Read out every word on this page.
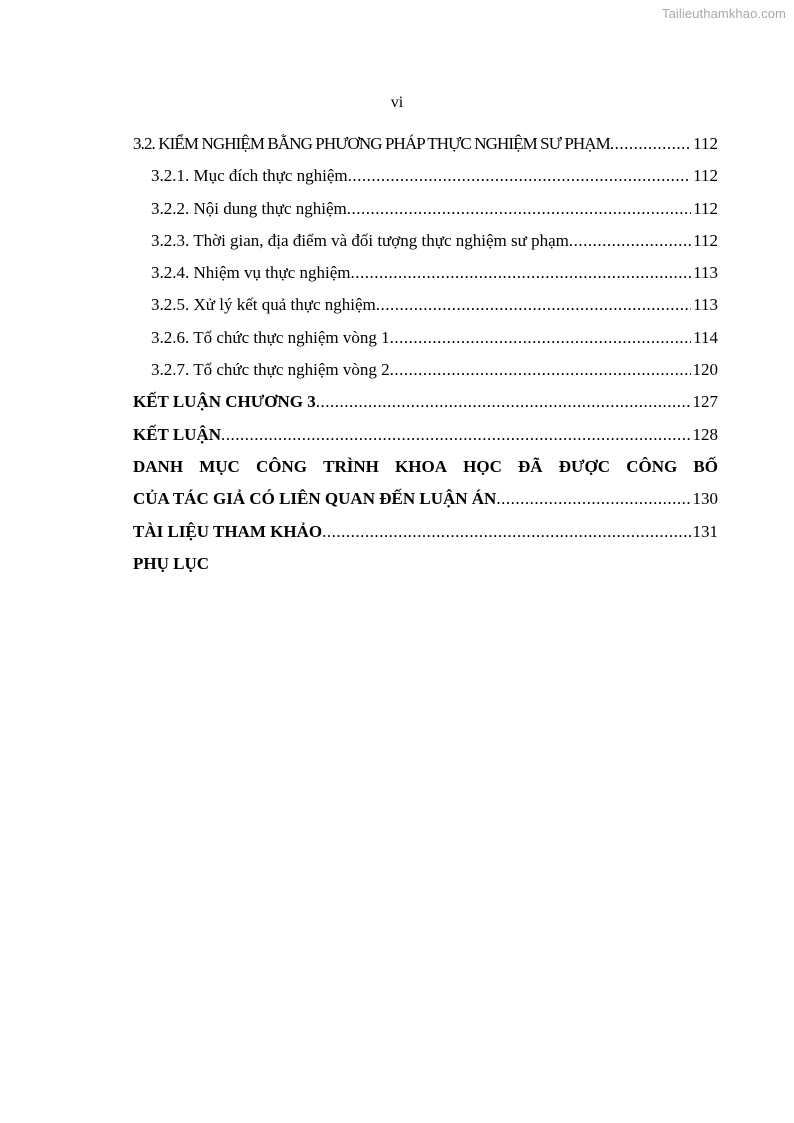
Tailieuthamkhao.com
vi
3.2. KIỂM NGHIỆM BẰNG PHƯƠNG PHÁP THỰC NGHIỆM SƯ PHẠM .....	112
3.2.1. Mục đích thực nghiệm .....	112
3.2.2. Nội dung thực nghiệm .....	112
3.2.3. Thời gian, địa điểm và đối tượng thực nghiệm sư phạm .....	112
3.2.4. Nhiệm vụ thực nghiệm .....	113
3.2.5. Xử lý kết quả thực nghiệm .....	113
3.2.6. Tổ chức thực nghiệm vòng 1 .....	114
3.2.7. Tổ chức thực nghiệm vòng 2 .....	120
KẾT LUẬN CHƯƠNG 3 .....	127
KẾT LUẬN .....	128
DANH MỤC CÔNG TRÌNH KHOA HỌC ĐÃ ĐƯỢC CÔNG BỐ
CỦA TÁC GIẢ CÓ LIÊN QUAN ĐẾN LUẬN ÁN .....	130
TÀI LIỆU THAM KHẢO .....	131
PHỤ LỤC
